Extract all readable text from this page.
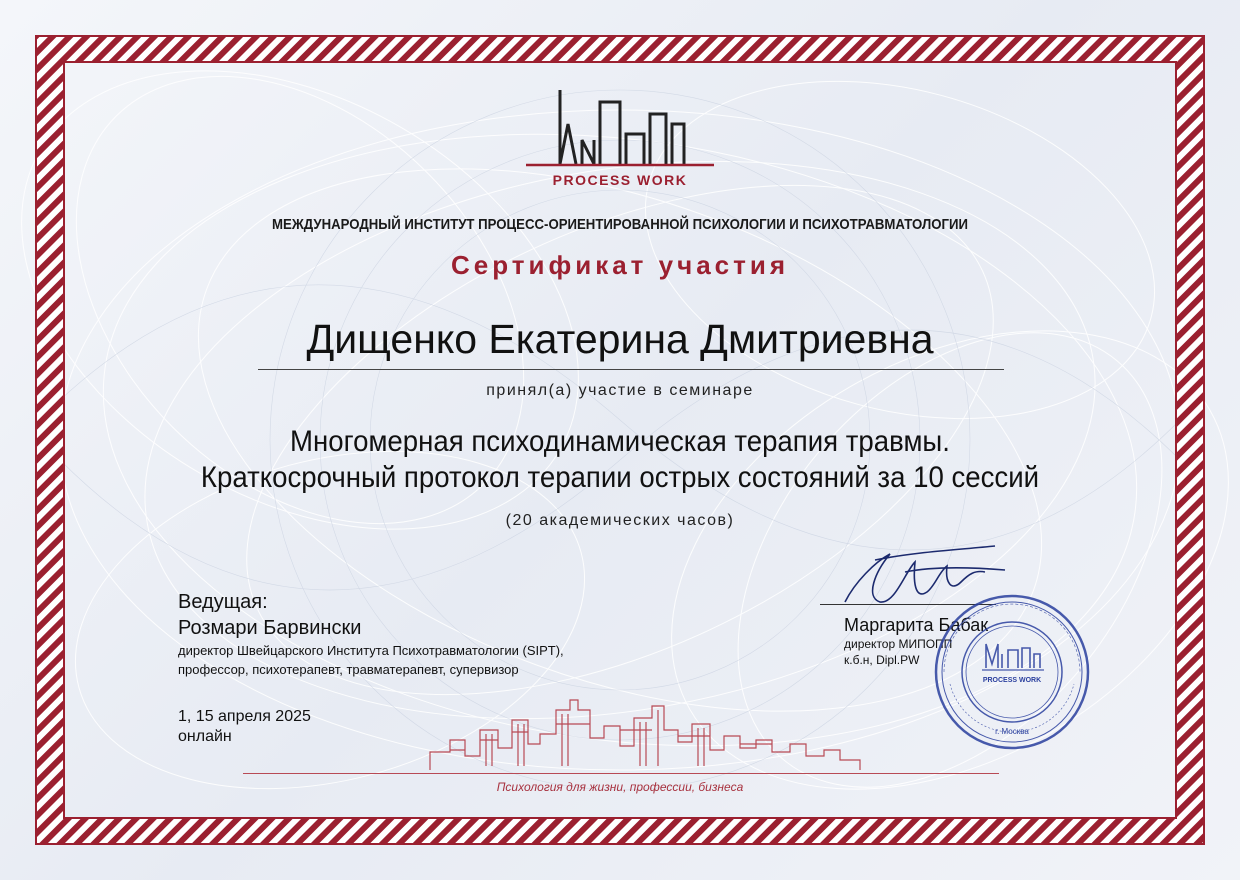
PROCESS WORK
МЕЖДУНАРОДНЫЙ ИНСТИТУТ ПРОЦЕСС-ОРИЕНТИРОВАННОЙ ПСИХОЛОГИИ И ПСИХОТРАВМАТОЛОГИИ
Сертификат участия
Дищенко Екатерина Дмитриевна
принял(а) участие в семинаре
Многомерная психодинамическая терапия травмы.
Краткосрочный протокол терапии острых состояний за 10 сессий
(20 академических часов)
Ведущая:
Розмари Барвински
директор Швейцарского Института Психотравматологии (SIPT),
профессор, психотерапевт, травматерапевт, супервизор
1, 15 апреля 2025
онлайн
Психология для жизни, профессии, бизнеса
Маргарита Бабак
директор МИПОПП
к.б.н, Dipl.PW
PROCESS WORK
г. Москва
